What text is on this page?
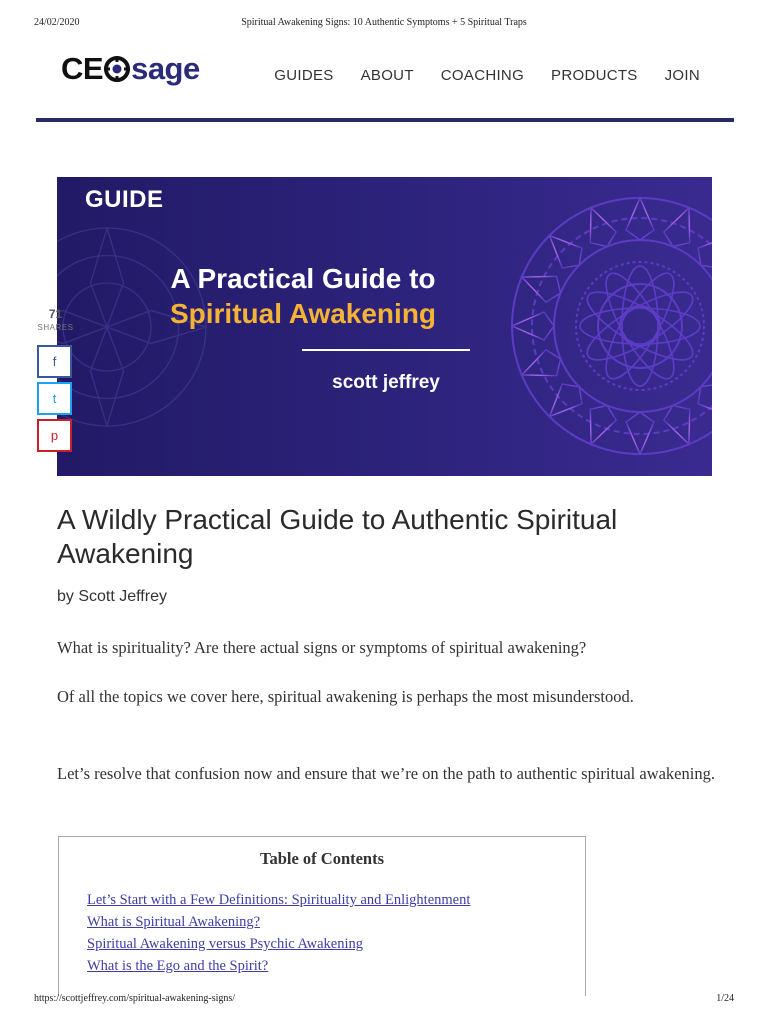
24/02/2020	Spiritual Awakening Signs: 10 Authentic Symptoms + 5 Spiritual Traps
CE sage	GUIDES ABOUT COACHING PRODUCTS JOIN
GUIDE
A Practical Guide to
Spiritual Awakening
scott jeffrey
71
SHARES
f
t
p
A Wildly Practical Guide to Authentic Spiritual Awakening
by Scott Jeffrey

What is spirituality? Are there actual signs or symptoms of spiritual awakening?

Of all the topics we cover here, spiritual awakening is perhaps the most misunderstood.

Let’s resolve that confusion now and ensure that we’re on the path to authentic spiritual awakening.

Table of Contents
Let’s Start with a Few Definitions: Spirituality and Enlightenment
What is Spiritual Awakening?
Spiritual Awakening versus Psychic Awakening
What is the Ego and the Spirit?
https://scottjeffrey.com/spiritual-awakening-signs/	1/24
